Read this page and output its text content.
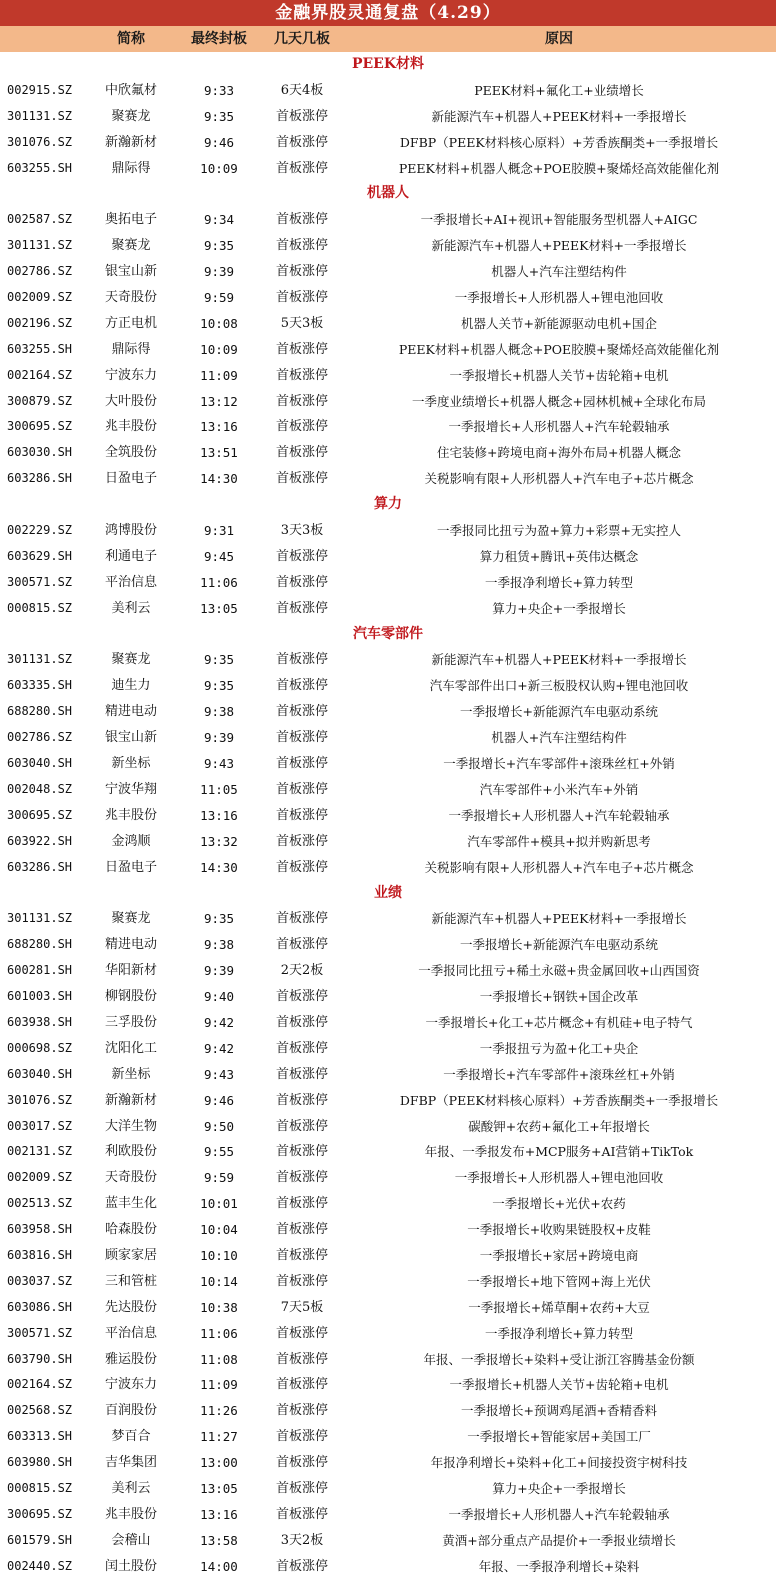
金融界股灵通复盘（4.29）
简称	最终封板	几天几板	原因
PEEK材料
002915.SZ	中欣氟材	9:33	6天4板	PEEK材料+氟化工+业绩增长
301131.SZ	聚赛龙	9:35	首板涨停	新能源汽车+机器人+PEEK材料+一季报增长
301076.SZ	新瀚新材	9:46	首板涨停	DFBP（PEEK材料核心原料）+芳香族酮类+一季报增长
603255.SH	鼎际得	10:09	首板涨停	PEEK材料+机器人概念+POE胶膜+聚烯烃高效能催化剂
机器人
002587.SZ	奥拓电子	9:34	首板涨停	一季报增长+AI+视讯+智能服务型机器人+AIGC
301131.SZ	聚赛龙	9:35	首板涨停	新能源汽车+机器人+PEEK材料+一季报增长
002786.SZ	银宝山新	9:39	首板涨停	机器人+汽车注塑结构件
002009.SZ	天奇股份	9:59	首板涨停	一季报增长+人形机器人+锂电池回收
002196.SZ	方正电机	10:08	5天3板	机器人关节+新能源驱动电机+国企
603255.SH	鼎际得	10:09	首板涨停	PEEK材料+机器人概念+POE胶膜+聚烯烃高效能催化剂
002164.SZ	宁波东力	11:09	首板涨停	一季报增长+机器人关节+齿轮箱+电机
300879.SZ	大叶股份	13:12	首板涨停	一季度业绩增长+机器人概念+园林机械+全球化布局
300695.SZ	兆丰股份	13:16	首板涨停	一季报增长+人形机器人+汽车轮毂轴承
603030.SH	全筑股份	13:51	首板涨停	住宅装修+跨境电商+海外布局+机器人概念
603286.SH	日盈电子	14:30	首板涨停	关税影响有限+人形机器人+汽车电子+芯片概念
算力
002229.SZ	鸿博股份	9:31	3天3板	一季报同比扭亏为盈+算力+彩票+无实控人
603629.SH	利通电子	9:45	首板涨停	算力租赁+腾讯+英伟达概念
300571.SZ	平治信息	11:06	首板涨停	一季报净利增长+算力转型
000815.SZ	美利云	13:05	首板涨停	算力+央企+一季报增长
汽车零部件
301131.SZ	聚赛龙	9:35	首板涨停	新能源汽车+机器人+PEEK材料+一季报增长
603335.SH	迪生力	9:35	首板涨停	汽车零部件出口+新三板股权认购+锂电池回收
688280.SH	精进电动	9:38	首板涨停	一季报增长+新能源汽车电驱动系统
002786.SZ	银宝山新	9:39	首板涨停	机器人+汽车注塑结构件
603040.SH	新坐标	9:43	首板涨停	一季报增长+汽车零部件+滚珠丝杠+外销
002048.SZ	宁波华翔	11:05	首板涨停	汽车零部件+小米汽车+外销
300695.SZ	兆丰股份	13:16	首板涨停	一季报增长+人形机器人+汽车轮毂轴承
603922.SH	金鸿顺	13:32	首板涨停	汽车零部件+模具+拟并购新思考
603286.SH	日盈电子	14:30	首板涨停	关税影响有限+人形机器人+汽车电子+芯片概念
业绩
301131.SZ	聚赛龙	9:35	首板涨停	新能源汽车+机器人+PEEK材料+一季报增长
688280.SH	精进电动	9:38	首板涨停	一季报增长+新能源汽车电驱动系统
600281.SH	华阳新材	9:39	2天2板	一季报同比扭亏+稀土永磁+贵金属回收+山西国资
601003.SH	柳钢股份	9:40	首板涨停	一季报增长+钢铁+国企改革
603938.SH	三孚股份	9:42	首板涨停	一季报增长+化工+芯片概念+有机硅+电子特气
000698.SZ	沈阳化工	9:42	首板涨停	一季报扭亏为盈+化工+央企
603040.SH	新坐标	9:43	首板涨停	一季报增长+汽车零部件+滚珠丝杠+外销
301076.SZ	新瀚新材	9:46	首板涨停	DFBP（PEEK材料核心原料）+芳香族酮类+一季报增长
003017.SZ	大洋生物	9:50	首板涨停	碳酸钾+农药+氟化工+年报增长
002131.SZ	利欧股份	9:55	首板涨停	年报、一季报发布+MCP服务+AI营销+TikTok
002009.SZ	天奇股份	9:59	首板涨停	一季报增长+人形机器人+锂电池回收
002513.SZ	蓝丰生化	10:01	首板涨停	一季报增长+光伏+农药
603958.SH	哈森股份	10:04	首板涨停	一季报增长+收购果链股权+皮鞋
603816.SH	顾家家居	10:10	首板涨停	一季报增长+家居+跨境电商
003037.SZ	三和管桩	10:14	首板涨停	一季报增长+地下管网+海上光伏
603086.SH	先达股份	10:38	7天5板	一季报增长+烯草酮+农药+大豆
300571.SZ	平治信息	11:06	首板涨停	一季报净利增长+算力转型
603790.SH	雅运股份	11:08	首板涨停	年报、一季报增长+染料+受让浙江容腾基金份额
002164.SZ	宁波东力	11:09	首板涨停	一季报增长+机器人关节+齿轮箱+电机
002568.SZ	百润股份	11:26	首板涨停	一季报增长+预调鸡尾酒+香精香料
603313.SH	梦百合	11:27	首板涨停	一季报增长+智能家居+美国工厂
603980.SH	吉华集团	13:00	首板涨停	年报净利增长+染料+化工+间接投资宇树科技
000815.SZ	美利云	13:05	首板涨停	算力+央企+一季报增长
300695.SZ	兆丰股份	13:16	首板涨停	一季报增长+人形机器人+汽车轮毂轴承
601579.SH	会稽山	13:58	3天2板	黄酒+部分重点产品提价+一季报业绩增长
002440.SZ	闰土股份	14:00	首板涨停	年报、一季报净利增长+染料
